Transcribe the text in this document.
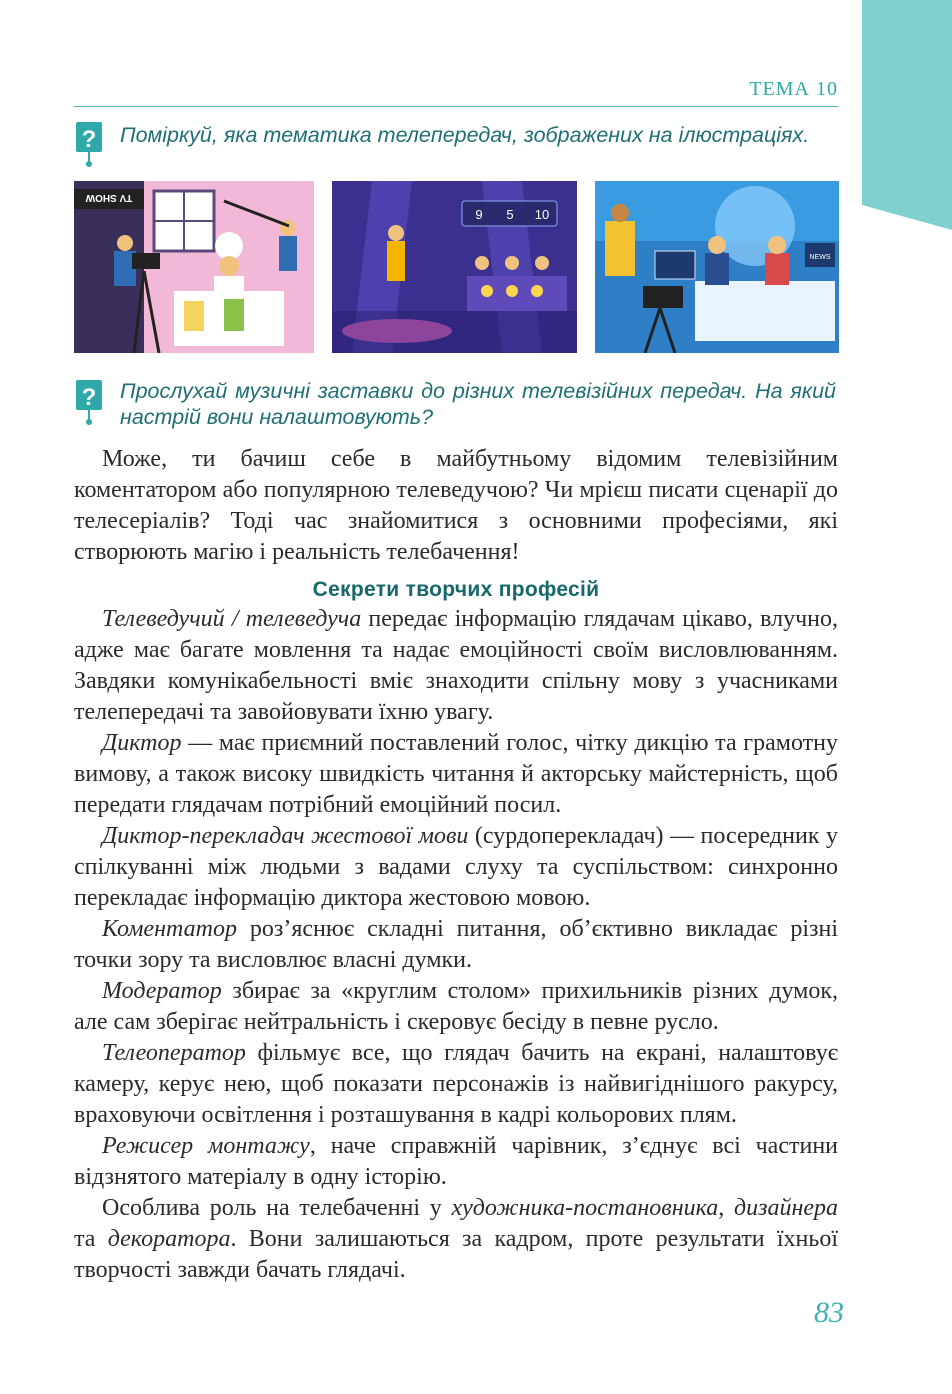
ТЕМА 10
? Поміркуй, яка тематика телепередач, зображених на ілюстраціях.
TV SHOW
9 5 10
NEWS
? Прослухай музичні заставки до різних телевізійних передач. На який настрій вони налаштовують?

Може, ти бачиш себе в майбутньому відомим телевізійним коментатором або популярною телеведучою? Чи мрієш писати сценарії до телесеріалів? Тоді час знайомитися з основними професіями, які створюють магію і реальність телебачення!

Секрети творчих професій

Телеведучий / телеведуча передає інформацію глядачам цікаво, влучно, адже має багате мовлення та надає емоційності своїм висловлюванням. Завдяки комунікабельності вміє знаходити спільну мову з учасниками телепередачі та завойовувати їхню увагу.

Диктор — має приємний поставлений голос, чітку дикцію та грамотну вимову, а також високу швидкість читання й акторську майстерність, щоб передати глядачам потрібний емоційний посил.

Диктор-перекладач жестової мови (сурдоперекладач) — посередник у спілкуванні між людьми з вадами слуху та суспільством: синхронно перекладає інформацію диктора жестовою мовою.

Коментатор роз’яснює складні питання, об’єктивно викладає різні точки зору та висловлює власні думки.

Модератор збирає за «круглим столом» прихильників різних думок, але сам зберігає нейтральність і скеровує бесіду в певне русло.

Телеоператор фільмує все, що глядач бачить на екрані, налаштовує камеру, керує нею, щоб показати персонажів із найвигіднішого ракурсу, враховуючи освітлення і розташування в кадрі кольорових плям.

Режисер монтажу, наче справжній чарівник, з’єднує всі частини відзнятого матеріалу в одну історію.

Особлива роль на телебаченні у художника-постановника, дизайнера та декоратора. Вони залишаються за кадром, проте результати їхньої творчості завжди бачать глядачі.

83
